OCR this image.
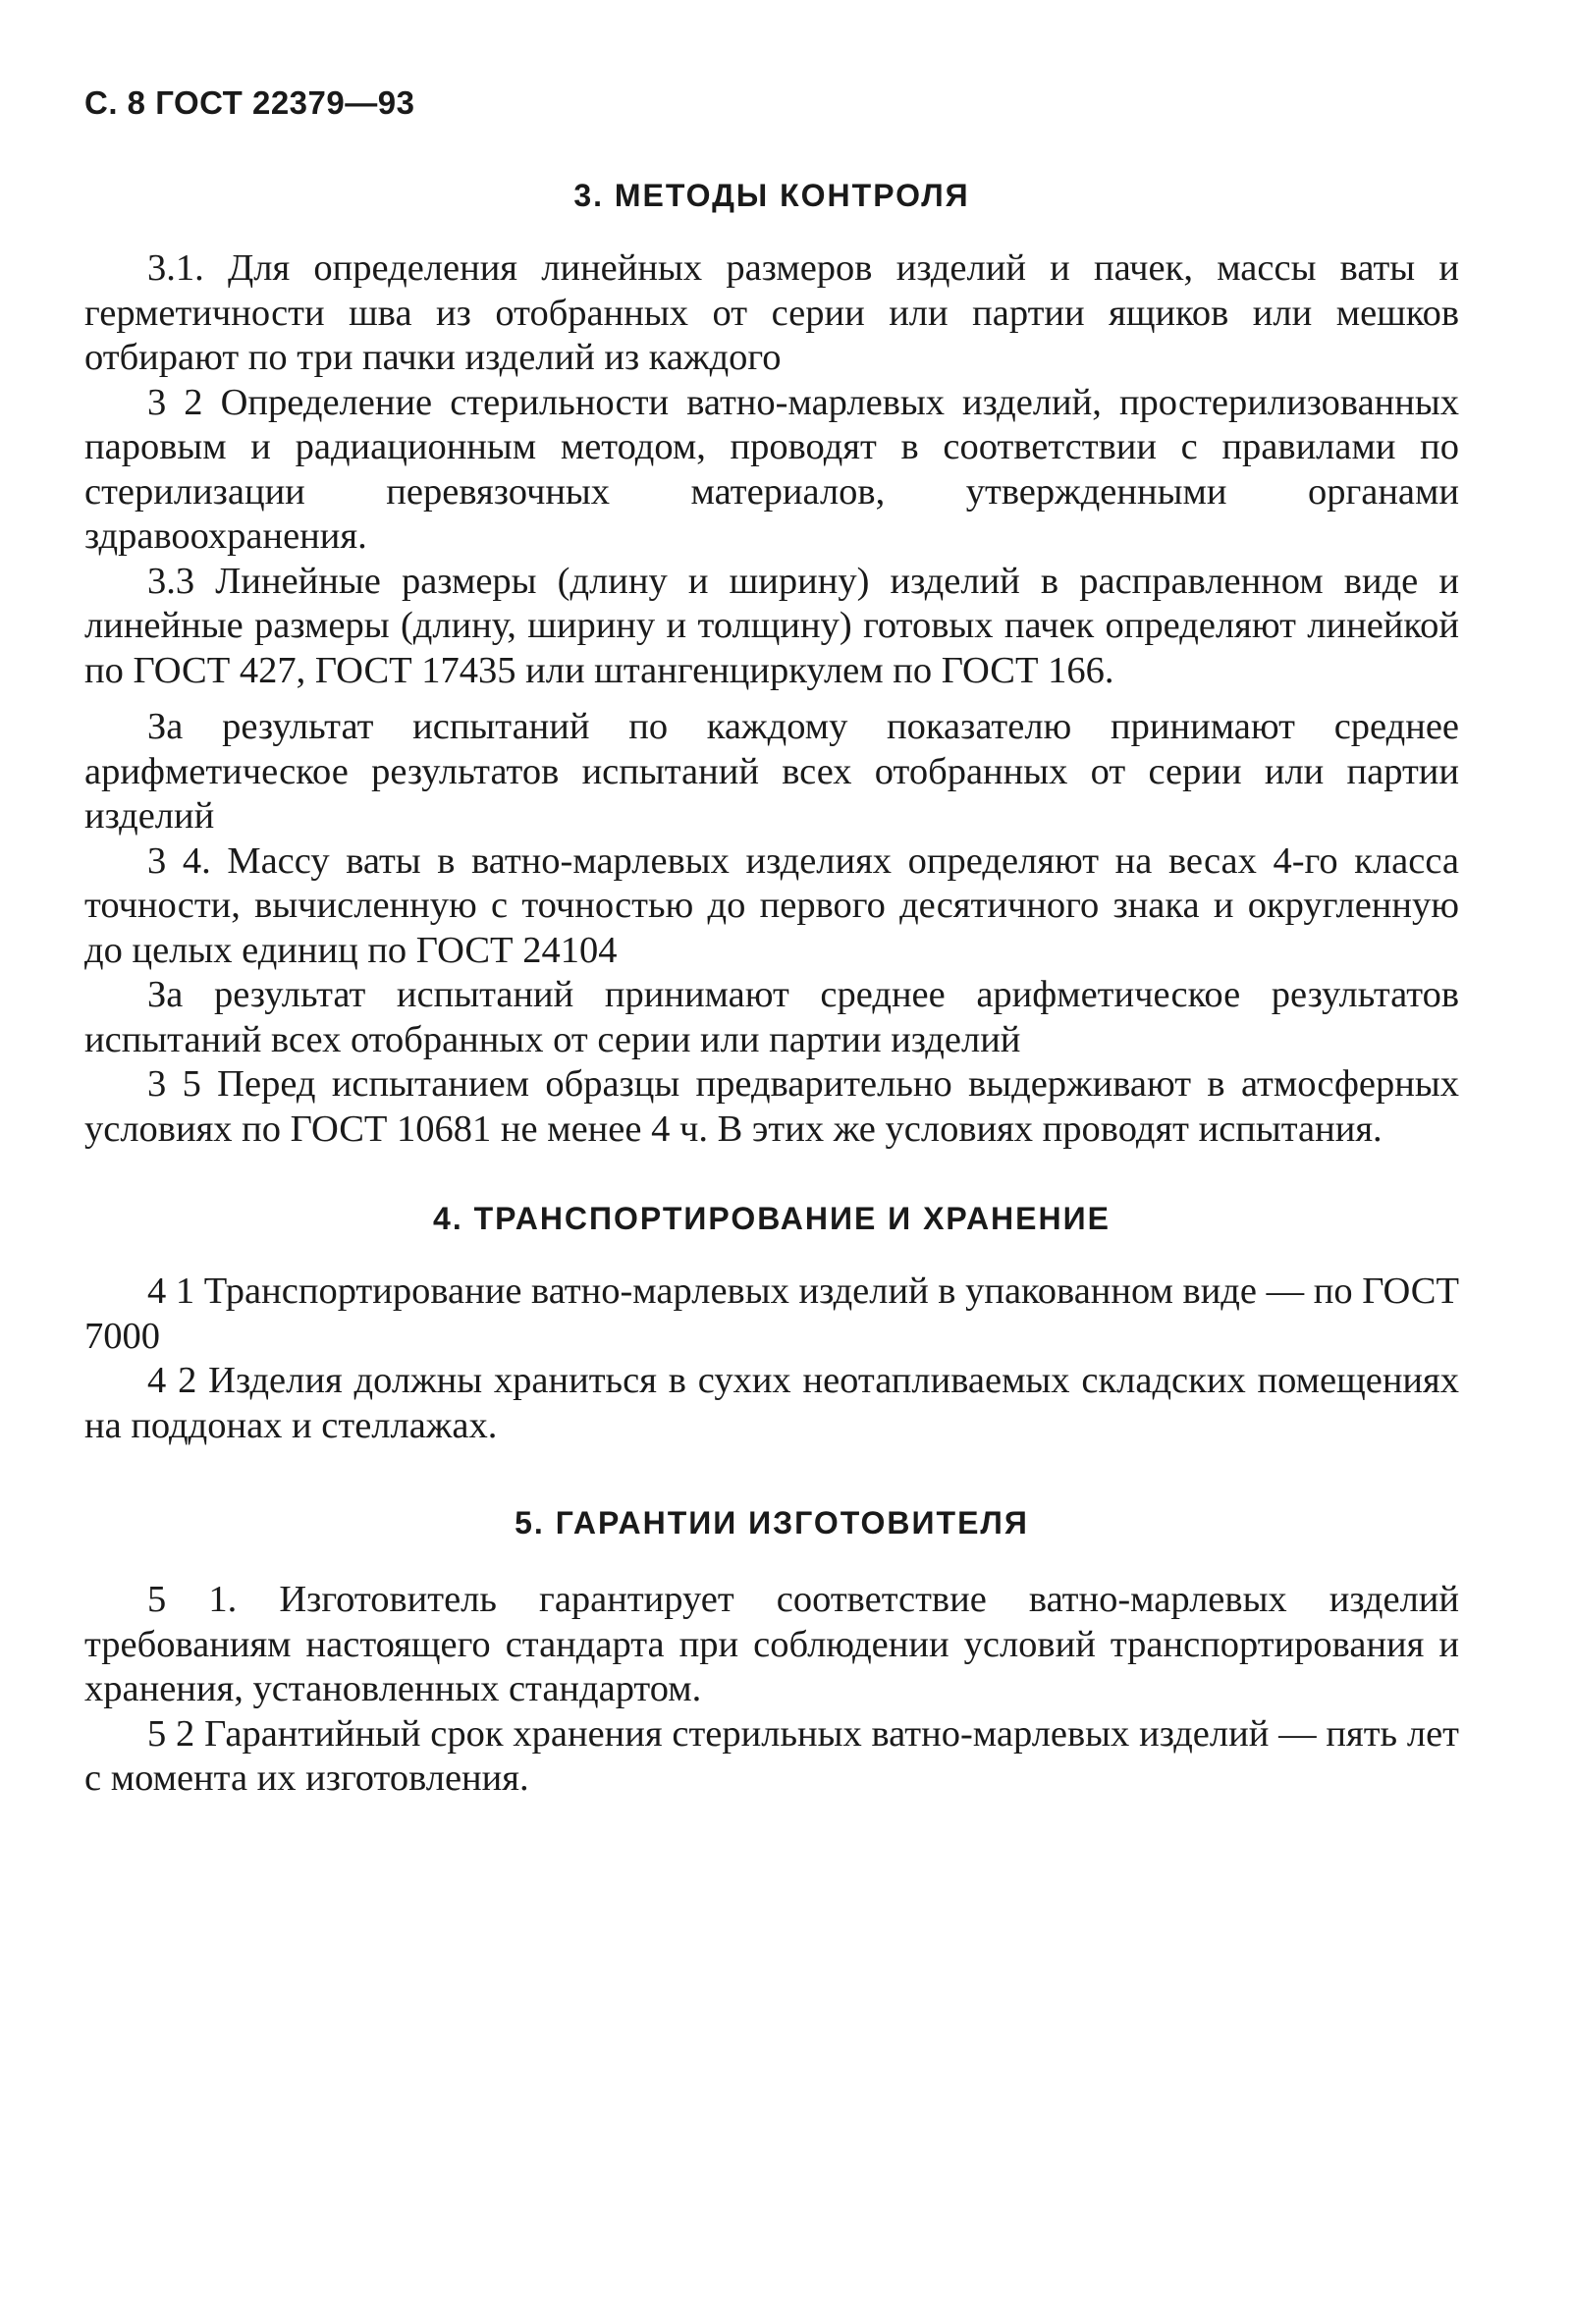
С. 8 ГОСТ 22379—93
3. МЕТОДЫ КОНТРОЛЯ

3.1. Для определения линейных размеров изделий и пачек, массы ваты и герметичности шва из отобранных от серии или партии ящиков или мешков отбирают по три пачки изделий из каждого

3 2 Определение стерильности ватно-марлевых изделий, простерилизованных паровым и радиационным методом, проводят в соответствии с правилами по стерилизации перевязочных материалов, утвержденными органами здравоохранения.

3.3 Линейные размеры (длину и ширину) изделий в расправленном виде и линейные размеры (длину, ширину и толщину) готовых пачек определяют линейкой по ГОСТ 427, ГОСТ 17435 или штангенциркулем по ГОСТ 166.

За результат испытаний по каждому показателю принимают среднее арифметическое результатов испытаний всех отобранных от серии или партии изделий

3 4. Массу ваты в ватно-марлевых изделиях определяют на весах 4-го класса точности, вычисленную с точностью до первого десятичного знака и округленную до целых единиц по ГОСТ 24104

За результат испытаний принимают среднее арифметическое результатов испытаний всех отобранных от серии или партии изделий

3 5 Перед испытанием образцы предварительно выдерживают в атмосферных условиях по ГОСТ 10681 не менее 4 ч. В этих же условиях проводят испытания.

4. ТРАНСПОРТИРОВАНИЕ И ХРАНЕНИЕ

4 1 Транспортирование ватно-марлевых изделий в упакованном виде — по ГОСТ 7000

4 2 Изделия должны храниться в сухих неотапливаемых складских помещениях на поддонах и стеллажах.

5. ГАРАНТИИ ИЗГОТОВИТЕЛЯ

5 1. Изготовитель гарантирует соответствие ватно-марлевых изделий требованиям настоящего стандарта при соблюдении условий транспортирования и хранения, установленных стандартом.

5 2 Гарантийный срок хранения стерильных ватно-марлевых изделий — пять лет с момента их изготовления.
